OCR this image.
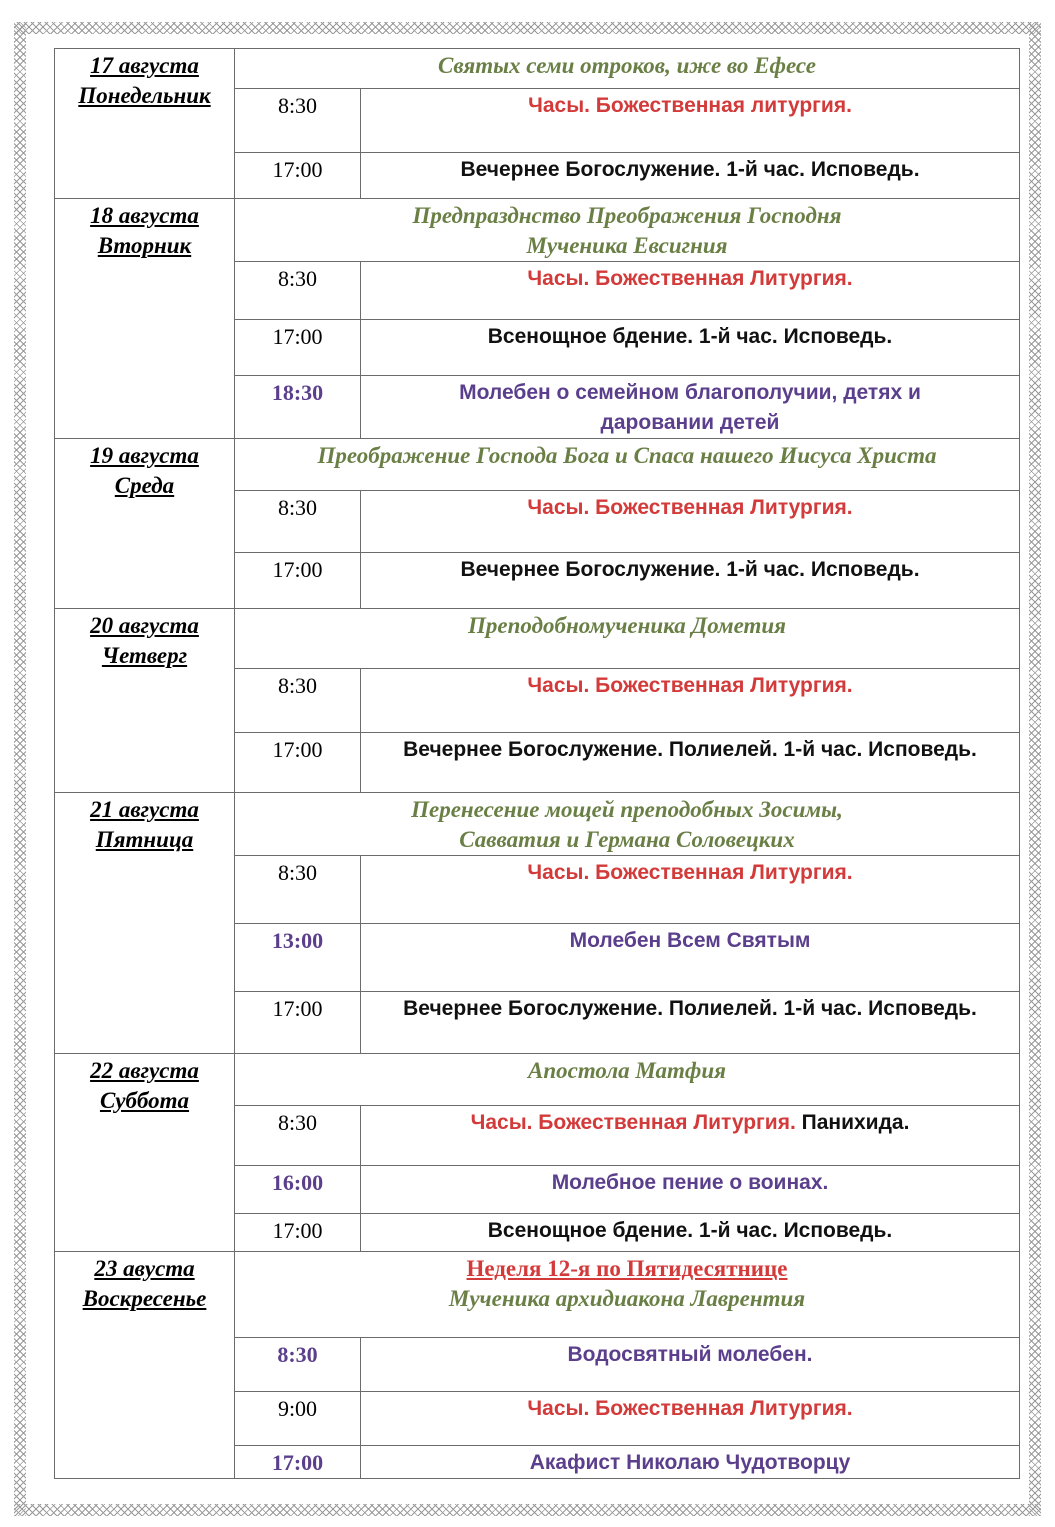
17 августа
Понедельник	Святых семи отроков, иже во Ефесе	

	8:30	Часы. Божественная литургия.

	17:00	Вечернее Богослужение. 1-й час. Исповедь.

18 августа
Вторник	Предпразднство Преображения Господня
Мученика Евсигния	

	8:30	Часы. Божественная Литургия.

	17:00	Всенощное бдение. 1-й час. Исповедь.

	18:30	Молебен о семейном благополучии, детях и даровании детей

19 августа
Среда	Преображение Господа Бога и Спаса нашего Иисуса Христа	

	8:30	Часы. Божественная Литургия.

	17:00	Вечернее Богослужение. 1-й час. Исповедь.

20 августа
Четверг	Преподобномученика Дометия	

	8:30	Часы. Божественная Литургия.

	17:00	Вечернее Богослужение. Полиелей. 1-й час. Исповедь.

21 августа
Пятница	Перенесение мощей преподобных Зосимы,
Савватия и Германа Соловецких	

	8:30	Часы. Божественная Литургия.

	13:00	Молебен Всем Святым

	17:00	Вечернее Богослужение. Полиелей. 1-й час. Исповедь.

22 августа
Суббота	Апостола Матфия	

	8:30	Часы. Божественная Литургия. Панихида.

	16:00	Молебное пение о воинах.

	17:00	Всенощное бдение. 1-й час. Исповедь.

23 авуста
Воскресенье	Неделя 12-я по Пятидесятнице
Мученика архидиакона Лаврентия	

	8:30	Водосвятный молебен.

	9:00	Часы. Божественная Литургия.

	17:00	Акафист Николаю Чудотворцу
